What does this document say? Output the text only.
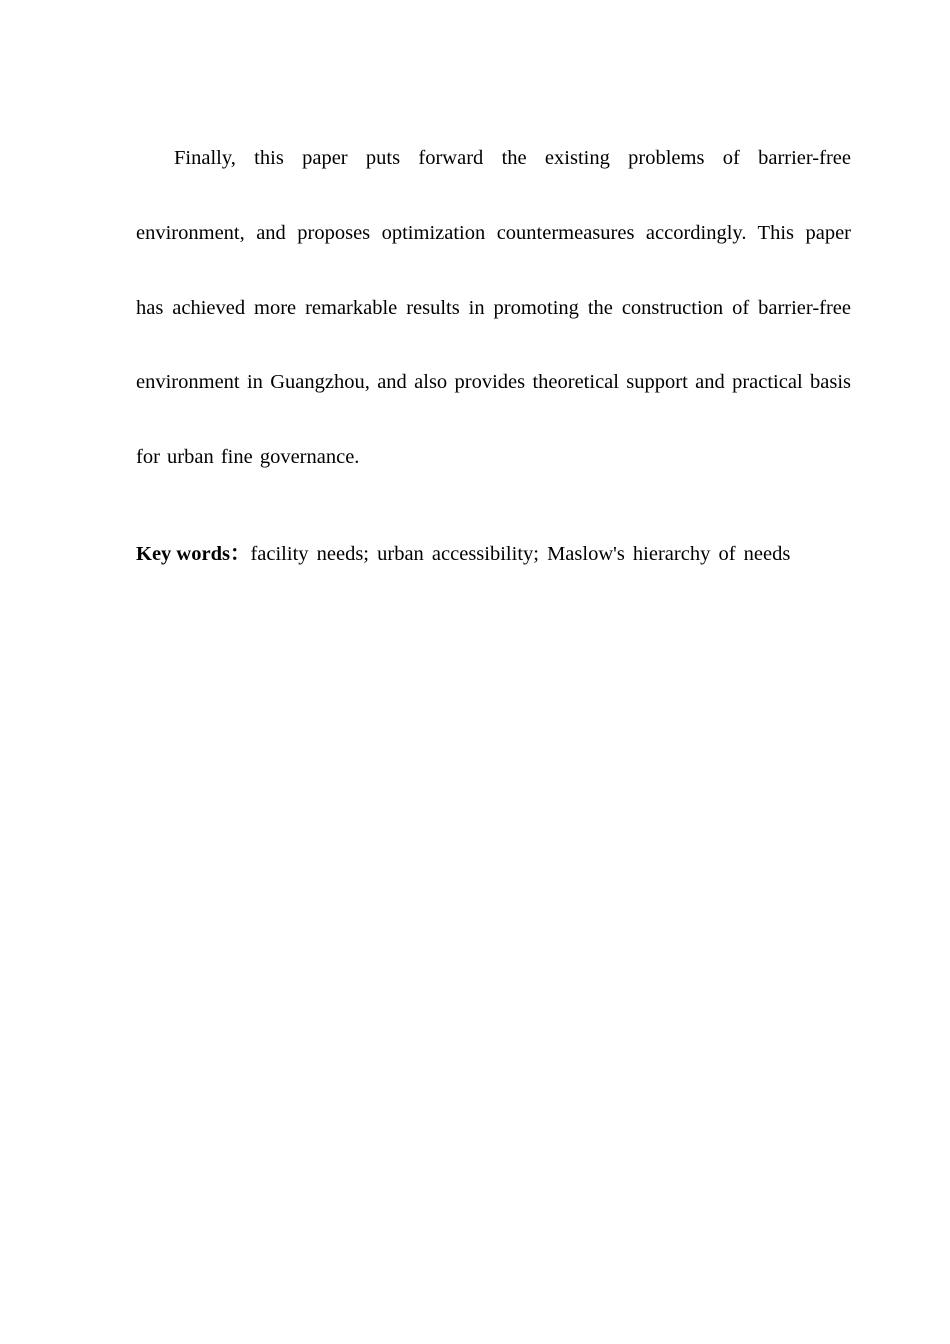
Finally, this paper puts forward the existing problems of barrier-free environment, and proposes optimization countermeasures accordingly. This paper has achieved more remarkable results in promoting the construction of barrier-free environment in Guangzhou, and also provides theoretical support and practical basis for urban fine governance.

Key words：facility needs; urban accessibility; Maslow's hierarchy of needs
